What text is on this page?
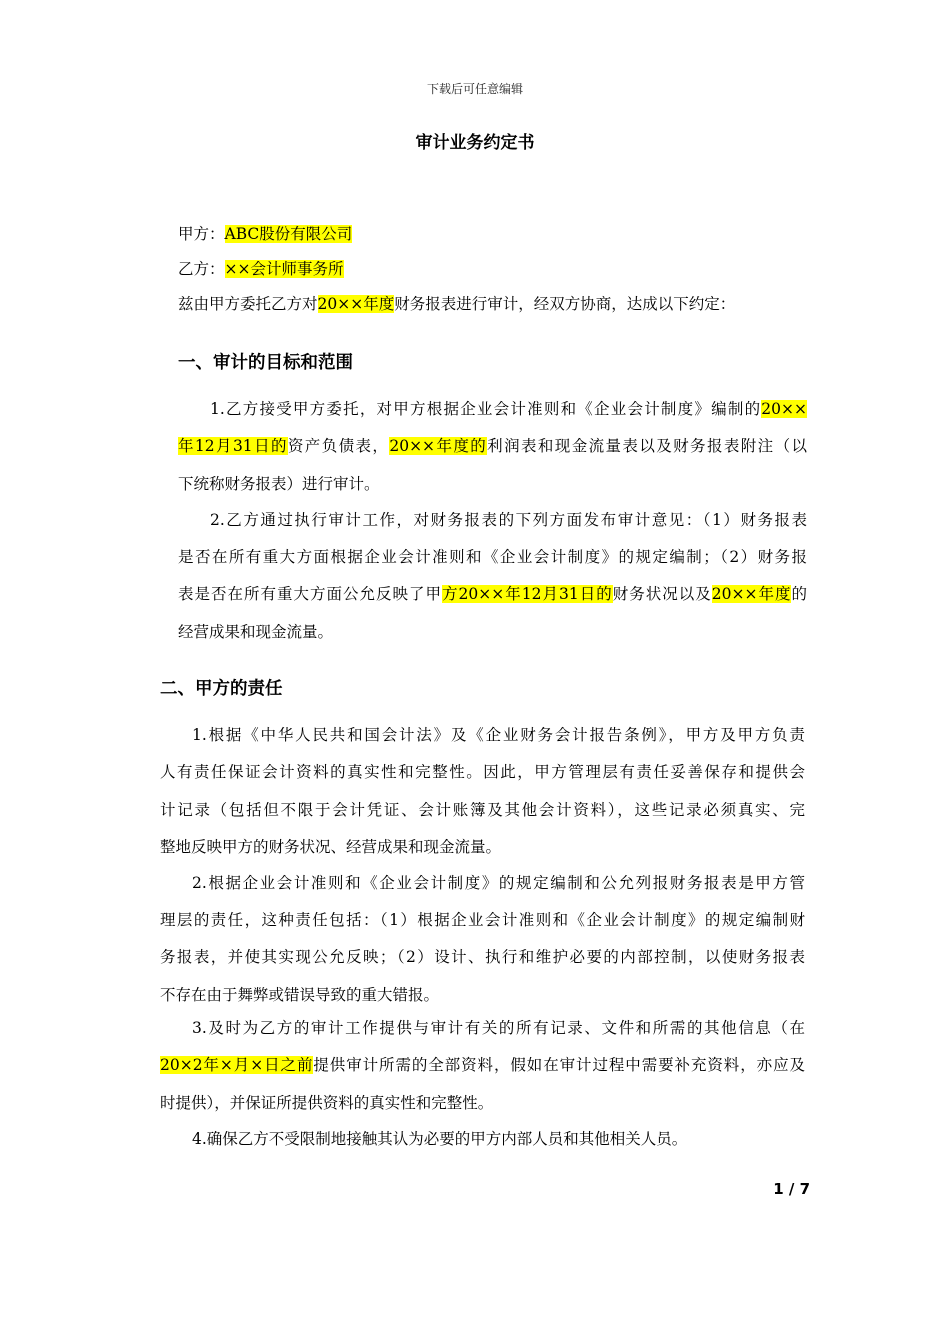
下载后可任意编辑
审计业务约定书
甲方：ABC股份有限公司
乙方：××会计师事务所
兹由甲方委托乙方对20××年度财务报表进行审计，经双方协商，达成以下约定：
一、审计的目标和范围
1.乙方接受甲方委托，对甲方根据企业会计准则和《企业会计制度》编制的20××
年12月31日的资产负债表，20××年度的利润表和现金流量表以及财务报表附注（以
下统称财务报表）进行审计。
2.乙方通过执行审计工作，对财务报表的下列方面发布审计意见：（1）财务报表
是否在所有重大方面根据企业会计准则和《企业会计制度》的规定编制；（2）财务报
表是否在所有重大方面公允反映了甲方20××年12月31日的财务状况以及20××年度的
经营成果和现金流量。
二、甲方的责任
1.根据《中华人民共和国会计法》及《企业财务会计报告条例》，甲方及甲方负责
人有责任保证会计资料的真实性和完整性。因此，甲方管理层有责任妥善保存和提供会
计记录（包括但不限于会计凭证、会计账簿及其他会计资料），这些记录必须真实、完
整地反映甲方的财务状况、经营成果和现金流量。
2.根据企业会计准则和《企业会计制度》的规定编制和公允列报财务报表是甲方管
理层的责任，这种责任包括：（1）根据企业会计准则和《企业会计制度》的规定编制财
务报表，并使其实现公允反映；（2）设计、执行和维护必要的内部控制，以使财务报表
不存在由于舞弊或错误导致的重大错报。
3.及时为乙方的审计工作提供与审计有关的所有记录、文件和所需的其他信息（在
20×2年×月×日之前提供审计所需的全部资料，假如在审计过程中需要补充资料，亦应及
时提供），并保证所提供资料的真实性和完整性。
4.确保乙方不受限制地接触其认为必要的甲方内部人员和其他相关人员。
1 / 7
